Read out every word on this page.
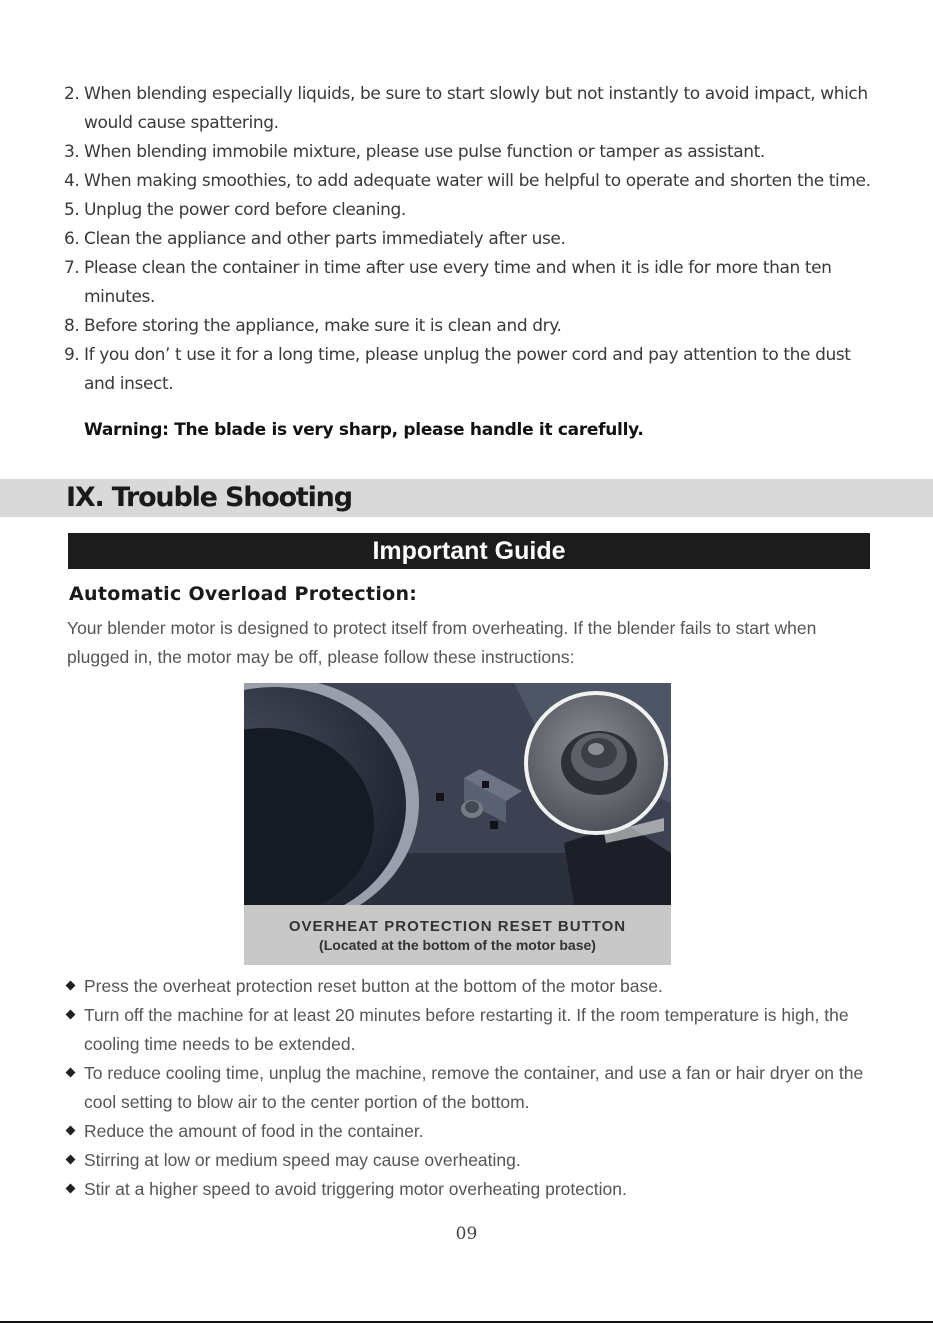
2. When blending especially liquids, be sure to start slowly but not instantly to avoid impact, which would cause spattering.
3. When blending immobile mixture, please use pulse function or tamper as assistant.
4. When making smoothies, to add adequate water will be helpful to operate and shorten the time.
5. Unplug the power cord before cleaning.
6. Clean the appliance and other parts immediately after use.
7. Please clean the container in time after use every time and when it is idle for more than ten minutes.
8. Before storing the appliance, make sure it is clean and dry.
9. If you don’ t use it for a long time, please unplug the power cord and pay attention to the dust and insect.
Warning: The blade is very sharp, please handle it carefully.
IX. Trouble Shooting
Important Guide
Automatic Overload Protection:
Your blender motor is designed to protect itself from overheating. If the blender fails to start when plugged in, the motor may be off, please follow these instructions:
OVERHEAT PROTECTION RESET BUTTON
(Located at the bottom of the motor base)
Press the overheat protection reset button at the bottom of the motor base.
Turn off the machine for at least 20 minutes before restarting it. If the room temperature is high, the cooling time needs to be extended.
To reduce cooling time, unplug the machine, remove the container, and use a fan or hair dryer on the cool setting to blow air to the center portion of the bottom.
Reduce the amount of food in the container.
Stirring at low or medium speed may cause overheating.
Stir at a higher speed to avoid triggering motor overheating protection.
09
